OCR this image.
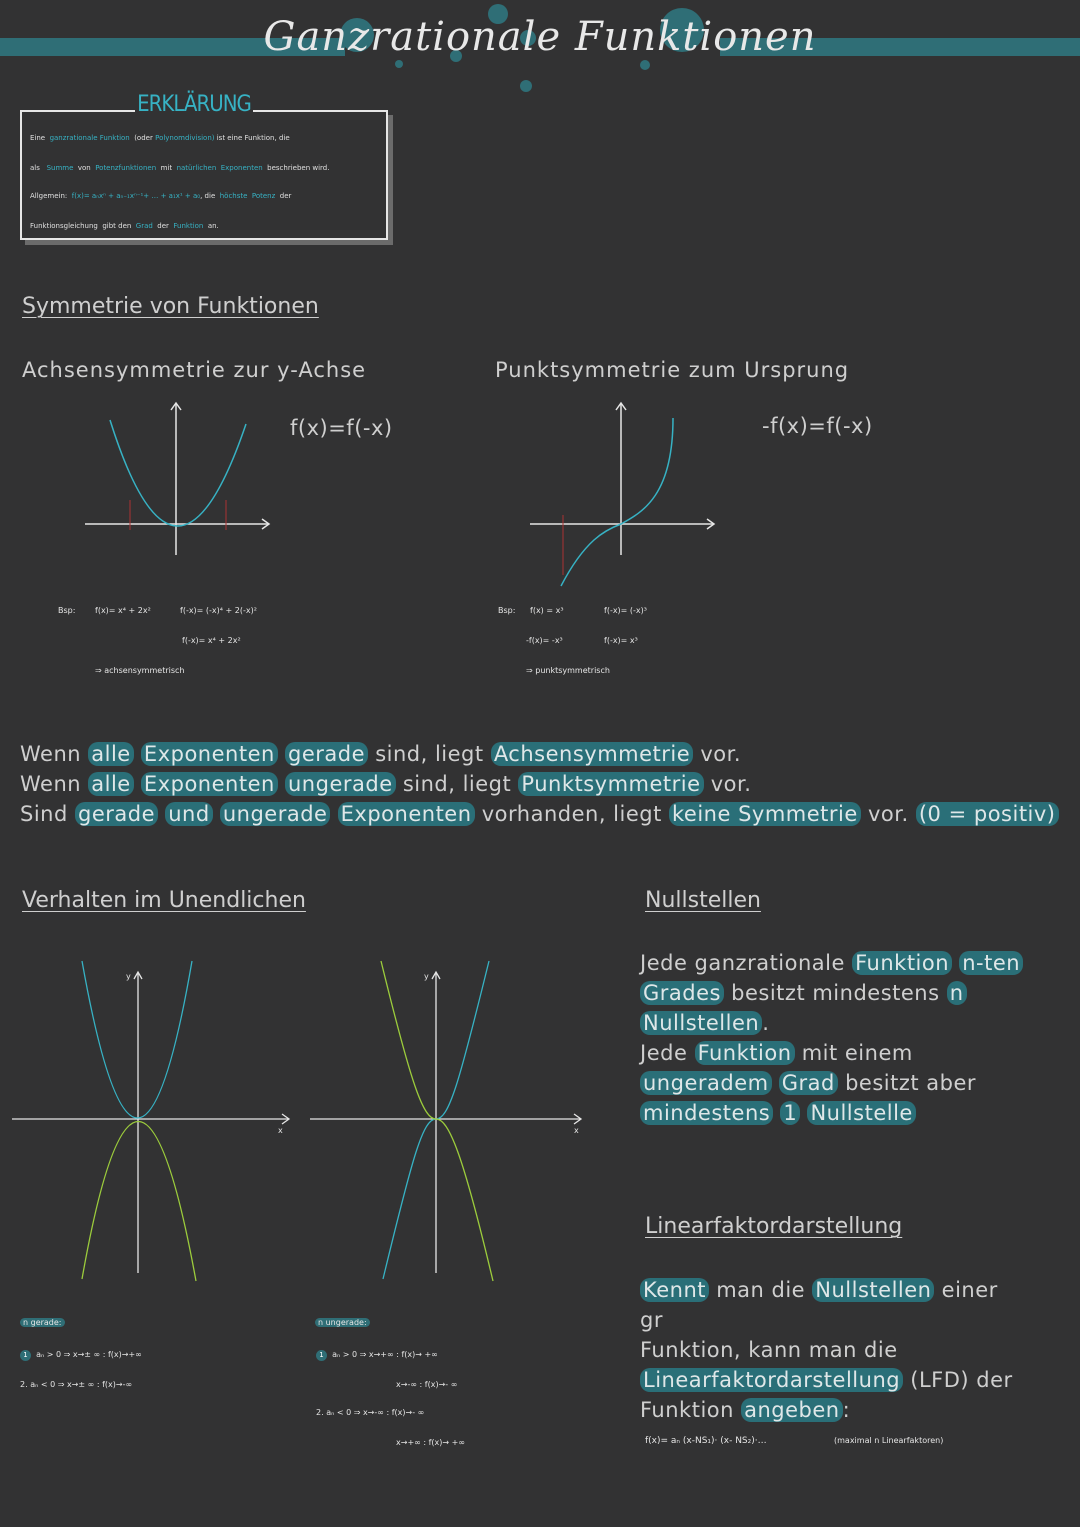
Ganzrationale Funktionen
ERKLÄRUNG
Eine ganzrationale Funktion (oder Polynomdivision) ist eine Funktion, die
als Summe von Potenzfunktionen mit natürlichen Exponenten beschrieben wird.
Allgemein: f(x)= aₙxⁿ + aₙ₋₁xⁿ⁻¹+ … + a₁x¹ + a₀, die höchste Potenz der
Funktionsgleichung gibt den Grad der Funktion an.
Symmetrie von Funktionen
Achsensymmetrie zur y-Achse	Punktsymmetrie zum Ursprung
f(x)=f(-x)	-f(x)=f(-x)
Bsp: f(x)= x⁴ + 2x²	f(-x)= (-x)⁴ + 2(-x)²
f(-x)= x⁴ + 2x²
⇒ achsensymmetrisch
Bsp: f(x) = x³	f(-x)= (-x)³
-f(x)= -x³	f(-x)= x³
⇒ punktsymmetrisch
Wenn alle Exponenten gerade sind, liegt Achsensymmetrie vor.
Wenn alle Exponenten ungerade sind, liegt Punktsymmetrie vor.
Sind gerade und ungerade Exponenten vorhanden, liegt keine Symmetrie vor. (0 = positiv)
Verhalten im Unendlichen
y
x
y
x
n gerade:
1 aₙ > 0 ⇒ x→± ∞ : f(x)→+∞
2. aₙ < 0 ⇒ x→± ∞ : f(x)→-∞
n ungerade:
1 aₙ > 0 ⇒ x→+∞ : f(x)→ +∞
x→-∞ : f(x)→- ∞
2. aₙ < 0 ⇒ x→-∞ : f(x)→- ∞
x→+∞ : f(x)→ +∞
Nullstellen
Jede ganzrationale Funktion n-ten Grades besitzt mindestens n Nullstellen .
Jede Funktion mit einem ungeradem Grad besitzt aber mindestens 1 Nullstelle
Linearfaktordarstellung
Kennt man die Nullstellen einer gr
Funktion, kann man die
Linearfaktordarstellung (LFD) der
Funktion angeben :
f(x)= aₙ (x-NS₁)· (x- NS₂)·…	(maximal n Linearfaktoren)
